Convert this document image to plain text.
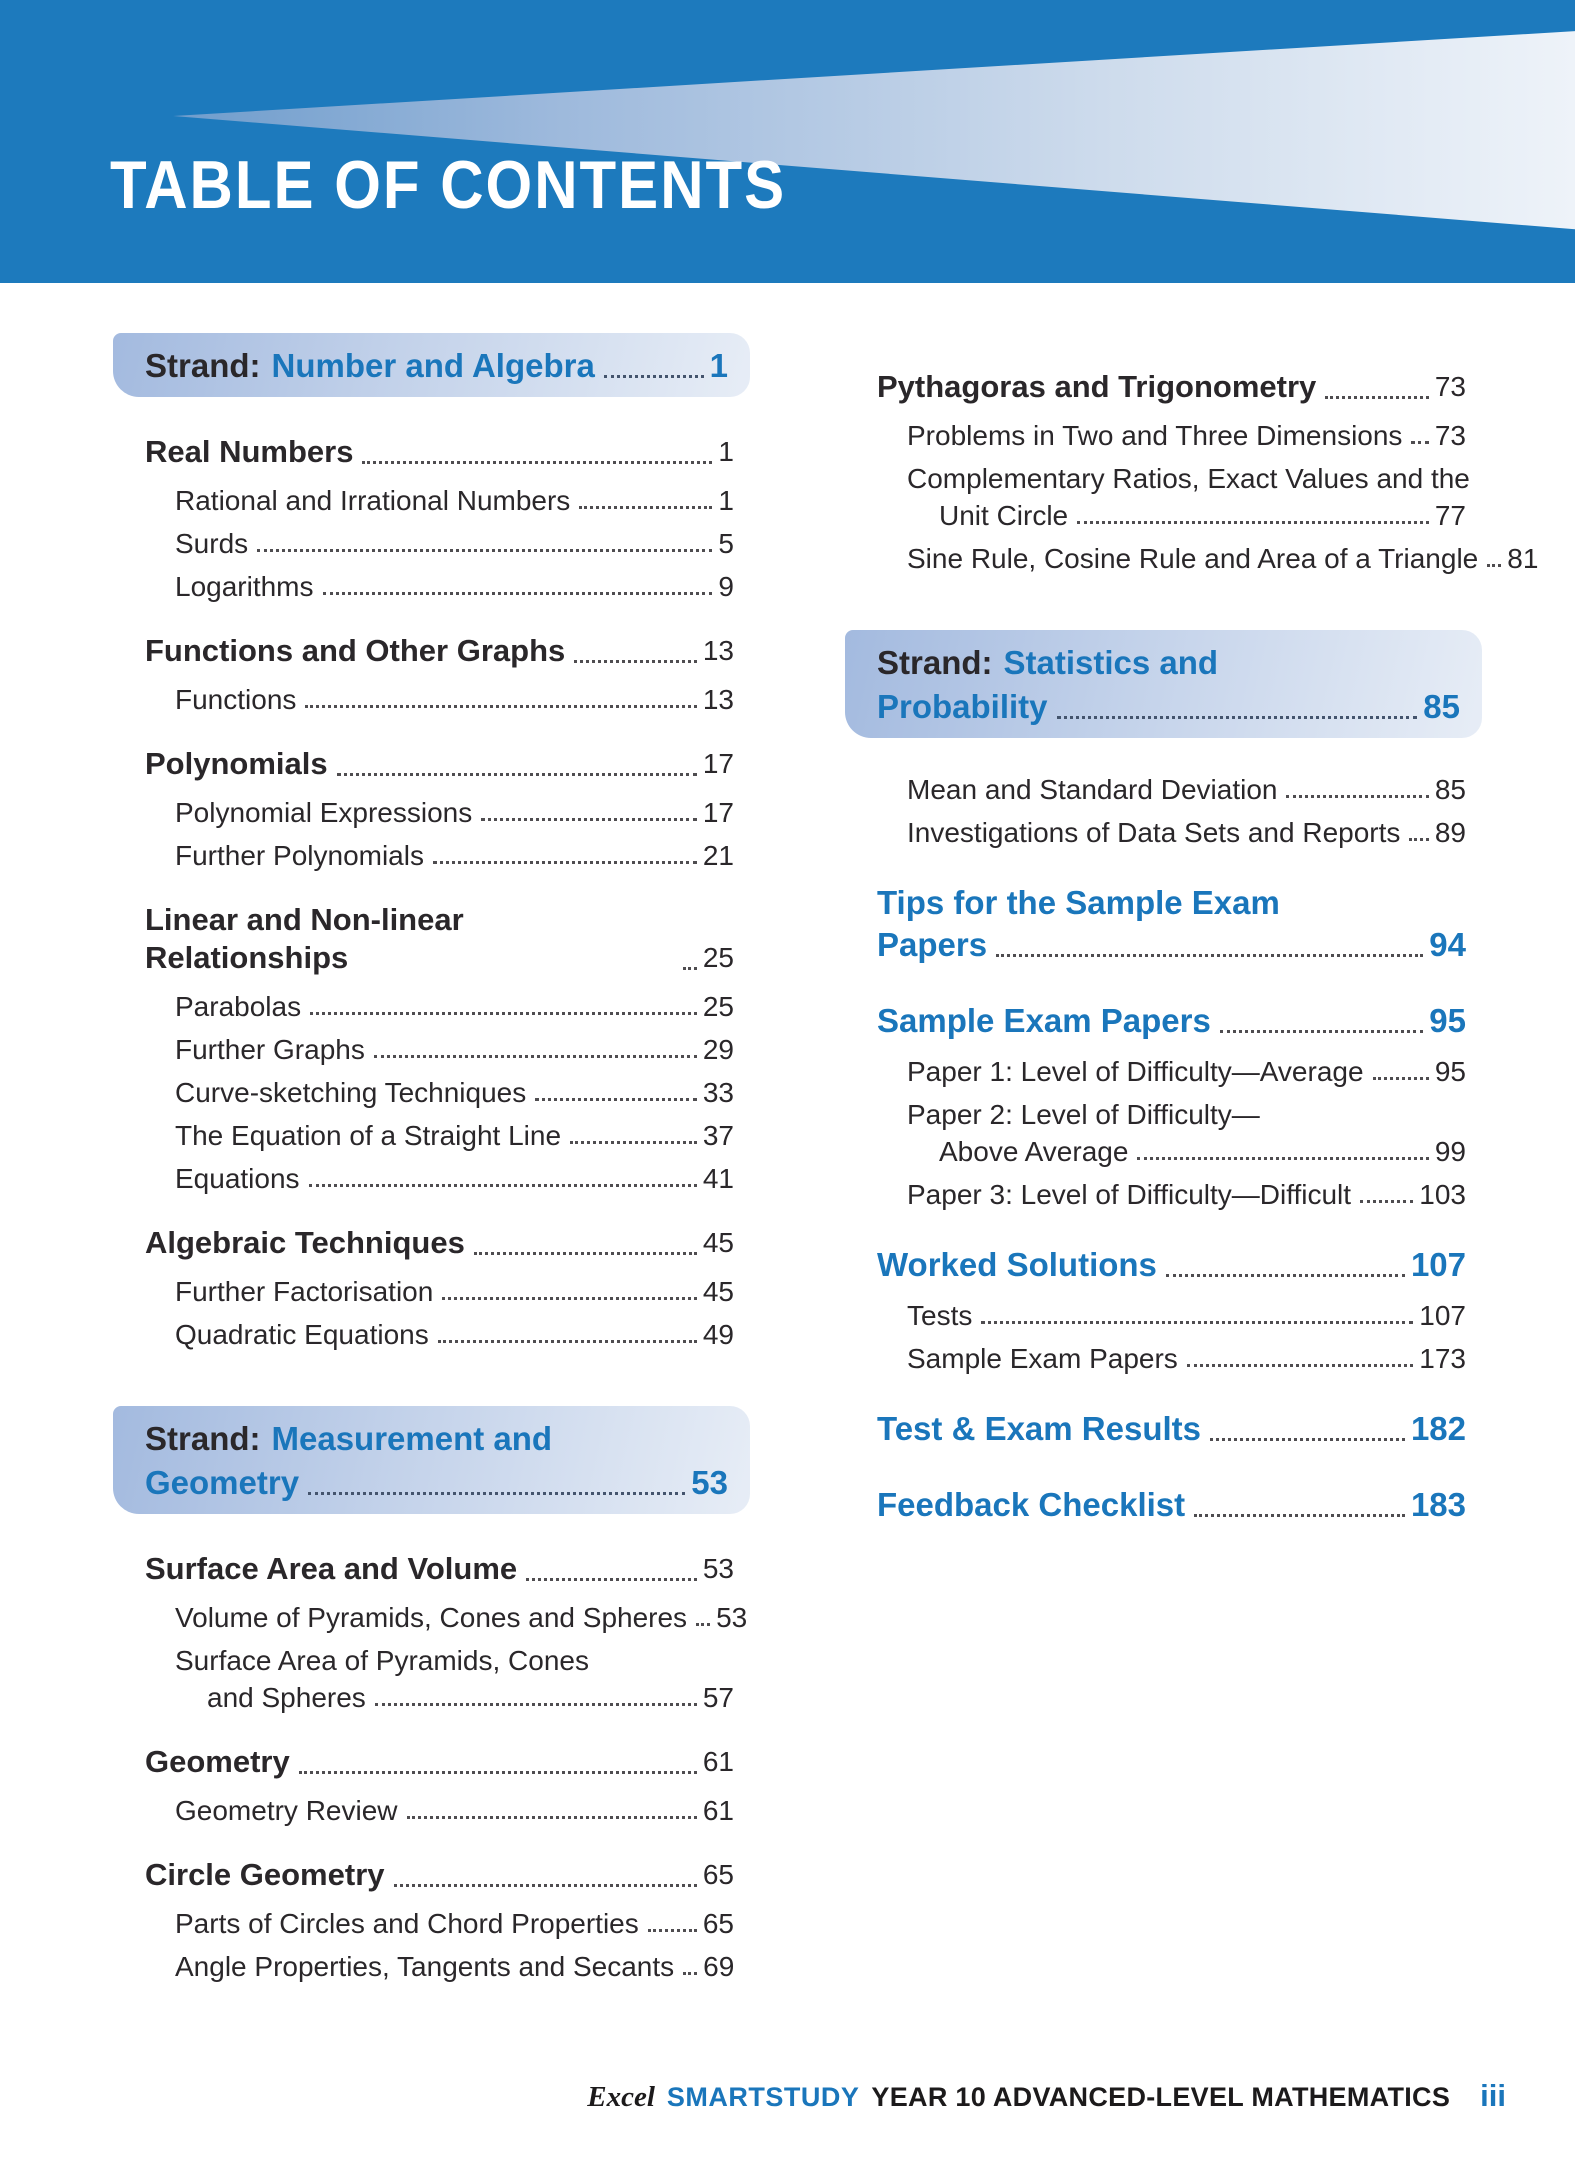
TABLE OF CONTENTS
Strand: Number and Algebra	1
Real Numbers	1
Rational and Irrational Numbers	1
Surds	5
Logarithms	9
Functions and Other Graphs	13
Functions	13
Polynomials	17
Polynomial Expressions	17
Further Polynomials	21
Linear and Non-linear Relationships	25
Parabolas	25
Further Graphs	29
Curve-sketching Techniques	33
The Equation of a Straight Line	37
Equations	41
Algebraic Techniques	45
Further Factorisation	45
Quadratic Equations	49
Strand: Measurement and
Geometry	53
Surface Area and Volume	53
Volume of Pyramids, Cones and Spheres 53
Surface Area of Pyramids, Cones
and Spheres	57
Geometry	61
Geometry Review	61
Circle Geometry	65
Parts of Circles and Chord Properties 65
Angle Properties, Tangents and Secants 69
Pythagoras and Trigonometry	73
Problems in Two and Three Dimensions 73
Complementary Ratios, Exact Values and the
Unit Circle	77
Sine Rule, Cosine Rule and Area of a Triangle 81
Strand: Statistics and
Probability	85
Mean and Standard Deviation	85
Investigations of Data Sets and Reports 89
Tips for the Sample Exam
Papers	94
Sample Exam Papers	95
Paper 1: Level of Difficulty—Average	95
Paper 2: Level of Difficulty—
Above Average	99
Paper 3: Level of Difficulty—Difficult 103
Worked Solutions	107
Tests	107
Sample Exam Papers	173
Test & Exam Results	182
Feedback Checklist	183
Excel SMARTSTUDY YEAR 10 ADVANCED-LEVEL MATHEMATICS iii
